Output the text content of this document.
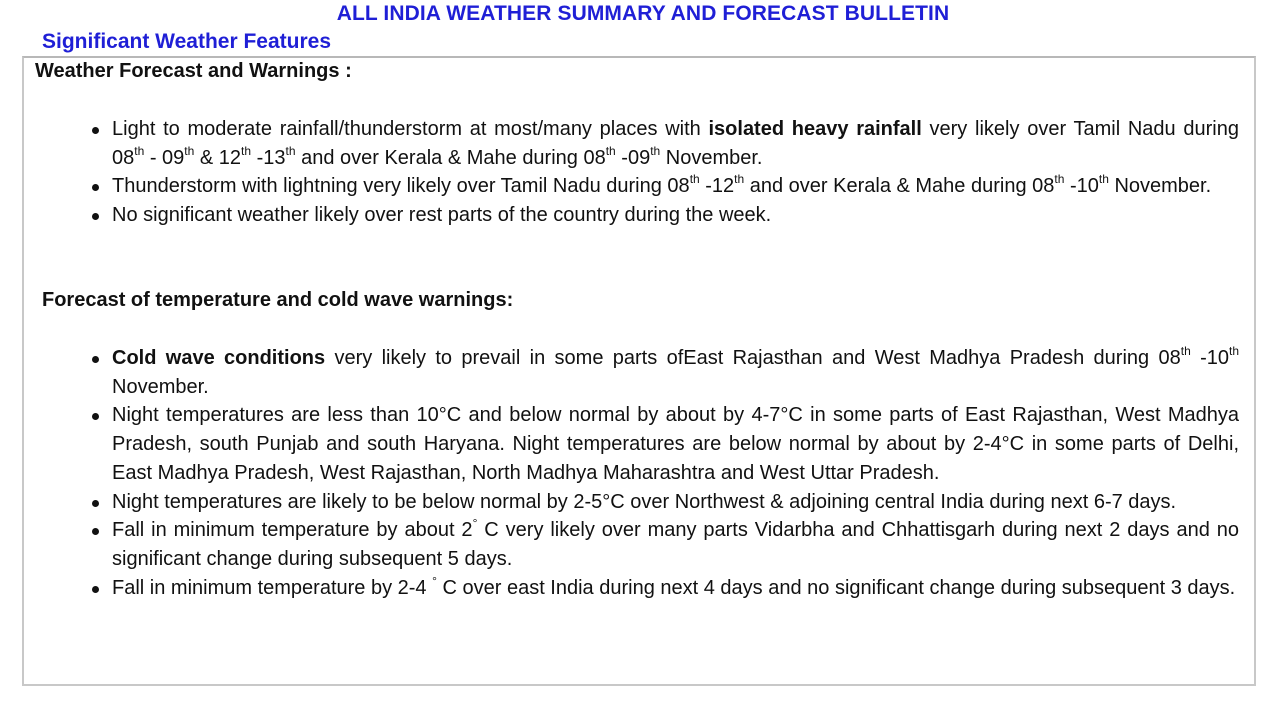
ALL INDIA WEATHER SUMMARY AND FORECAST BULLETIN
Significant Weather Features
Weather Forecast and Warnings :
Light to moderate rainfall/thunderstorm at most/many places with isolated heavy rainfall very likely over Tamil Nadu during 08th - 09th & 12th -13th and over Kerala & Mahe during 08th -09th November.
Thunderstorm with lightning very likely over Tamil Nadu during 08th -12th and over Kerala & Mahe during 08th -10th November.
No significant weather likely over rest parts of the country during the week.
Forecast of temperature and cold wave warnings:
Cold wave conditions very likely to prevail in some parts ofEast Rajasthan and West Madhya Pradesh during 08th -10th November.
Night temperatures are less than 10°C and below normal by about by 4-7°C in some parts of East Rajasthan, West Madhya Pradesh, south Punjab and south Haryana. Night temperatures are below normal by about by 2-4°C in some parts of Delhi, East Madhya Pradesh, West Rajasthan, North Madhya Maharashtra and West Uttar Pradesh.
Night temperatures are likely to be below normal by 2-5°C over Northwest & adjoining central India during next 6-7 days.
Fall in minimum temperature by about 2° C very likely over many parts Vidarbha and Chhattisgarh during next 2 days and no significant change during subsequent 5 days.
Fall in minimum temperature by 2-4 ° C over east India during next 4 days and no significant change during subsequent 3 days.
